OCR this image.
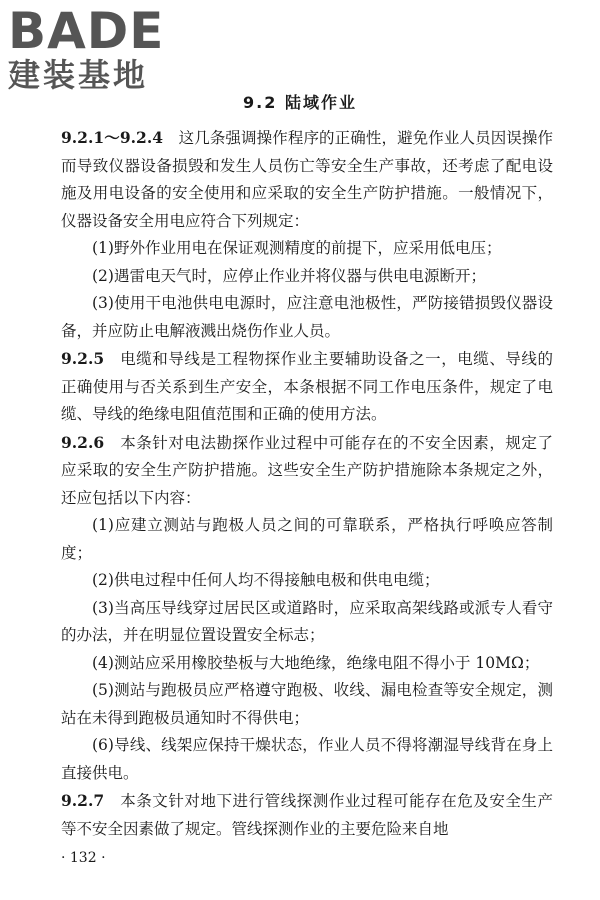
BADE
建装基地
9.2 陆域作业

9.2.1～9.2.4 这几条强调操作程序的正确性，避免作业人员因误操作而导致仪器设备损毁和发生人员伤亡等安全生产事故，还考虑了配电设施及用电设备的安全使用和应采取的安全生产防护措施。一般情况下，仪器设备安全用电应符合下列规定：

(1)野外作业用电在保证观测精度的前提下，应采用低电压；

(2)遇雷电天气时，应停止作业并将仪器与供电电源断开；

(3)使用干电池供电电源时，应注意电池极性，严防接错损毁仪器设备，并应防止电解液溅出烧伤作业人员。

9.2.5 电缆和导线是工程物探作业主要辅助设备之一，电缆、导线的正确使用与否关系到生产安全，本条根据不同工作电压条件，规定了电缆、导线的绝缘电阻值范围和正确的使用方法。

9.2.6 本条针对电法勘探作业过程中可能存在的不安全因素，规定了应采取的安全生产防护措施。这些安全生产防护措施除本条规定之外，还应包括以下内容：

(1)应建立测站与跑极人员之间的可靠联系，严格执行呼唤应答制度；

(2)供电过程中任何人均不得接触电极和供电电缆；

(3)当高压导线穿过居民区或道路时，应采取高架线路或派专人看守的办法，并在明显位置设置安全标志；

(4)测站应采用橡胶垫板与大地绝缘，绝缘电阻不得小于 10MΩ；

(5)测站与跑极员应严格遵守跑极、收线、漏电检查等安全规定，测站在未得到跑极员通知时不得供电；

(6)导线、线架应保持干燥状态，作业人员不得将潮湿导线背在身上直接供电。

9.2.7 本条文针对地下进行管线探测作业过程可能存在危及安全生产等不安全因素做了规定。管线探测作业的主要危险来自地

· 132 ·
